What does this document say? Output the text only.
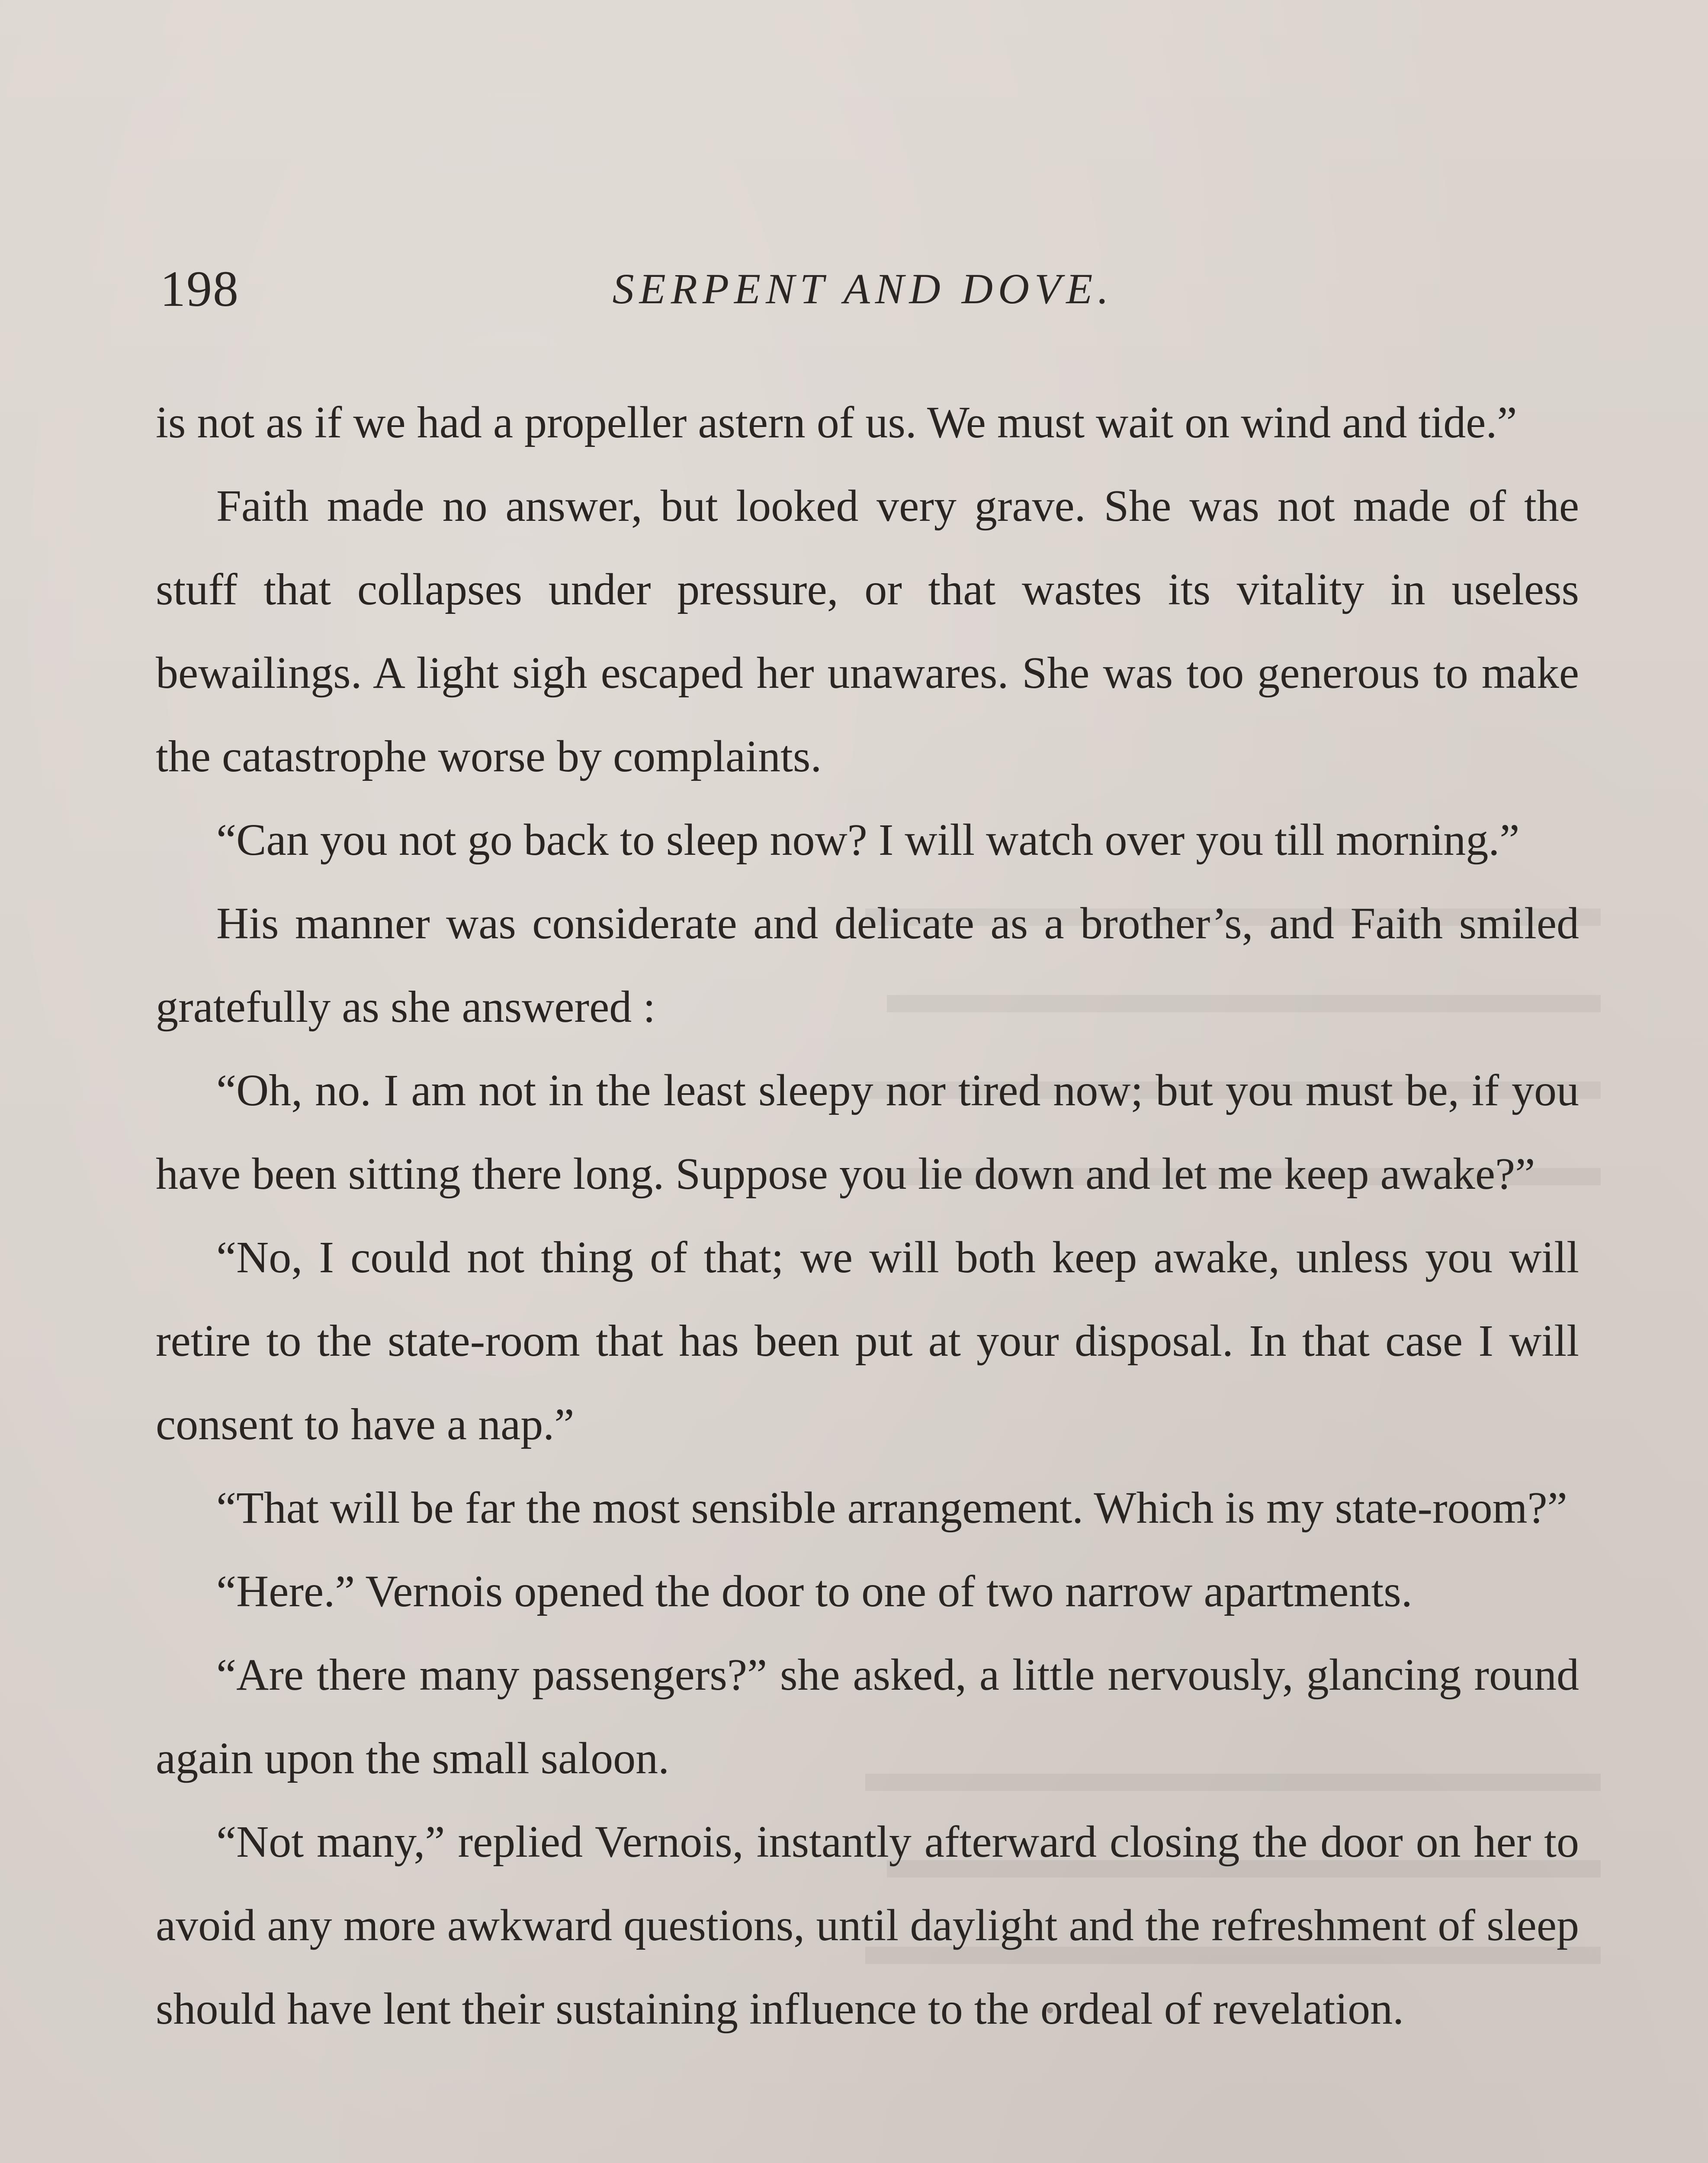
198	SERPENT AND DOVE.

is not as if we had a propeller astern of us. We must wait on wind and tide.”

Faith made no answer, but looked very grave. She was not made of the stuff that collapses under pressure, or that wastes its vitality in useless bewailings. A light sigh escaped her unawares. She was too generous to make the catastrophe worse by complaints.

“Can you not go back to sleep now? I will watch over you till morning.”

His manner was considerate and delicate as a brother’s, and Faith smiled gratefully as she answered :

“Oh, no. I am not in the least sleepy nor tired now; but you must be, if you have been sitting there long. Suppose you lie down and let me keep awake?”

“No, I could not thing of that; we will both keep awake, unless you will retire to the state-room that has been put at your disposal. In that case I will consent to have a nap.”

“That will be far the most sensible arrangement. Which is my state-room?”

“Here.” Vernois opened the door to one of two narrow apartments.

“Are there many passengers?” she asked, a little nervously, glancing round again upon the small saloon.

“Not many,” replied Vernois, instantly afterward closing the door on her to avoid any more awkward questions, until daylight and the refreshment of sleep should have lent their sustaining influence to the ordeal of revelation.
